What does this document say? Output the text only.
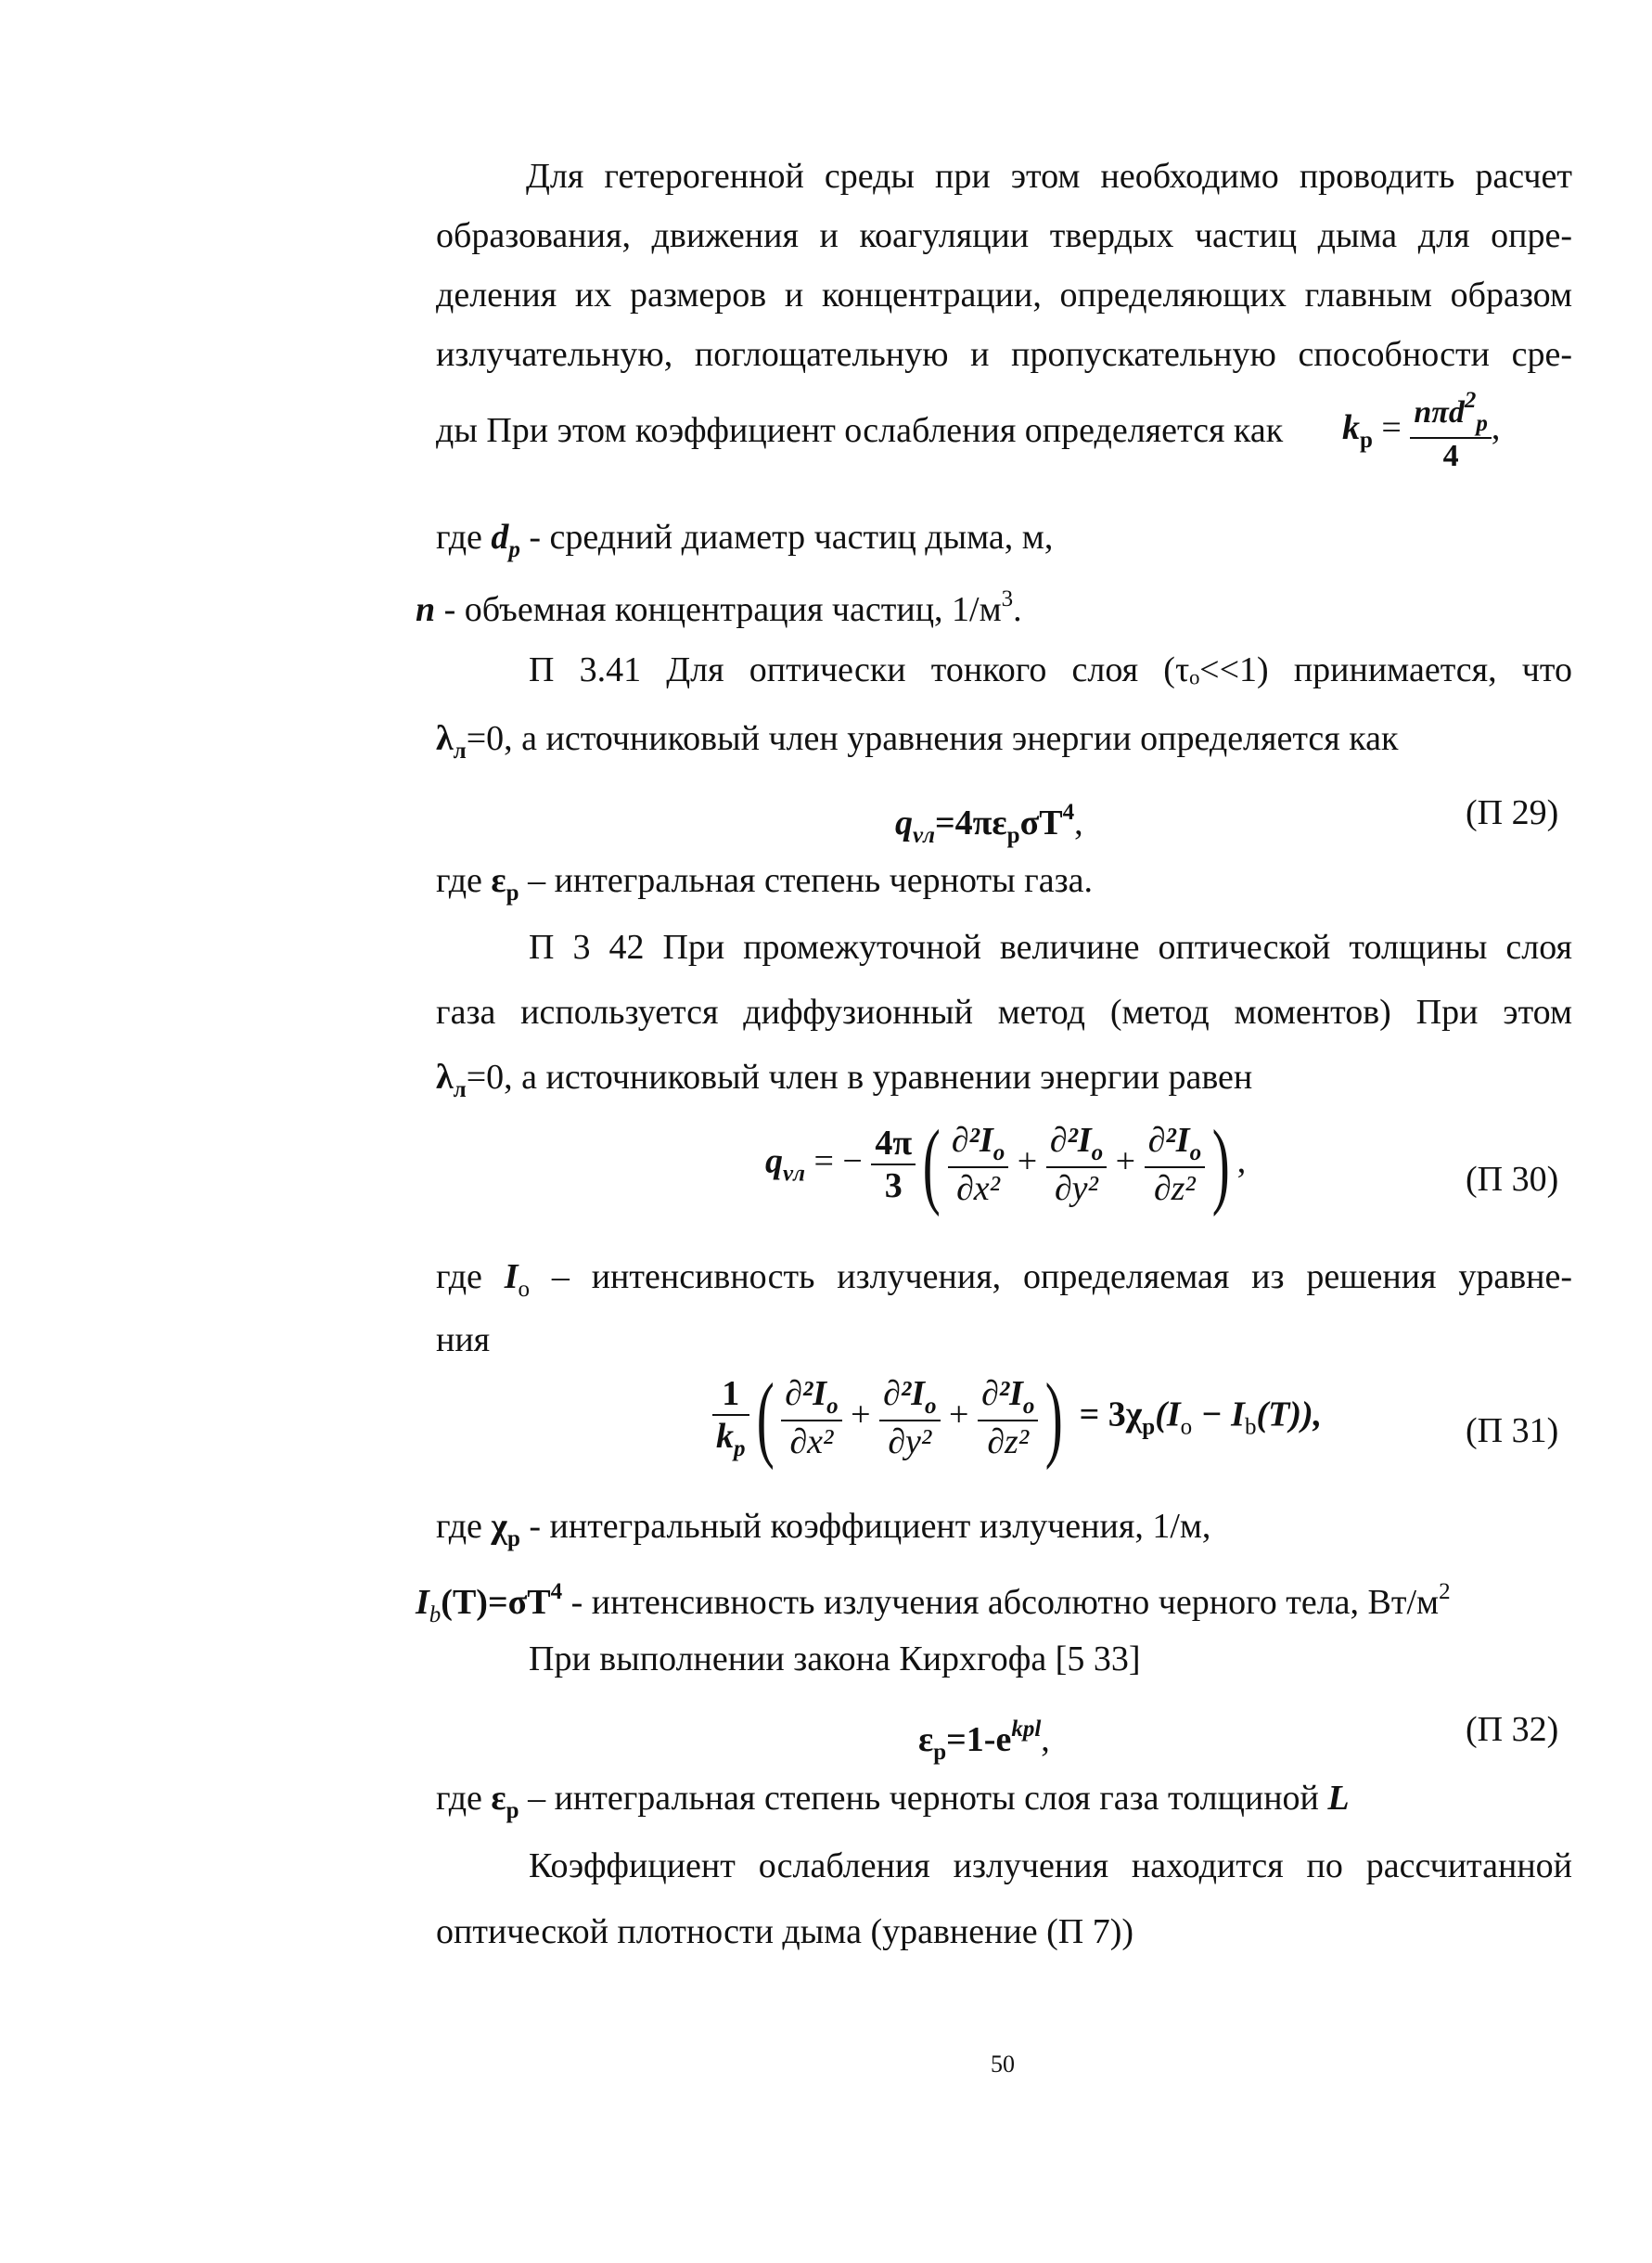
Для гетерогенной среды при этом необходимо проводить расчет
образования, движения и коагуляции твердых частиц дыма для опре-
деления их размеров и концентрации, определяющих главным образом
излучательную, поглощательную и пропускательную способности сре-
ды При этом коэффициент ослабления определяется как $k_p = \frac{n\pi d^2_p}{4}$ ,
где $d_p$ - средний диаметр частиц дыма, м,
n - объемная концентрация частиц, $1/м^3$.
П 3.41 Для оптически тонкого слоя (τₒ<<1) принимается, что
$\lambda_л=0$, а источниковый член уравнения энергии определяется как
$q_{\nu л}=4\pi\varepsilon_p\sigma T^4$,	(П 29)
где $\varepsilon_p$ – интегральная степень черноты газа.
П 3 42 При промежуточной величине оптической толщины слоя
газа используется диффузионный метод (метод моментов) При этом
$\lambda_л=0$, а источниковый член в уравнении энергии равен
$q_{\nu л}$ = − $\frac{4\pi}{3}$ ( $\frac{\partial^2I_o}{\text{∂x²}} + \frac{\partial^2I_o}{\text{∂y²}} + \frac{\partial^2I_o}{\text{∂z²}}$ ) ,	(П 30)
где $I_o$ – интенсивность излучения, определяемая из решения уравне-
ния
$\frac{1}{k_p}$ ( $\frac{\partial^2I_o}{\text{∂x²}} + \frac{\partial^2I_o}{\text{∂y²}} + \frac{\partial^2I_o}{\text{∂z²}}$ ) = $3\chi_p(I_o - I_b(T))$,	(П 31)
где $\chi_p$ - интегральный коэффициент излучения, 1/м,
$I_b(T)=\sigma T^4$ - интенсивность излучения абсолютно черного тела, $Вт/м^2$
При выполнении закона Кирхгофа [5 33]
$\varepsilon_p=1-e^{kpl}$,	(П 32)
где $\varepsilon_p$ – интегральная степень черноты слоя газа толщиной L
Коэффициент ослабления излучения находится по рассчитанной
оптической плотности дыма (уравнение (П 7))
50
